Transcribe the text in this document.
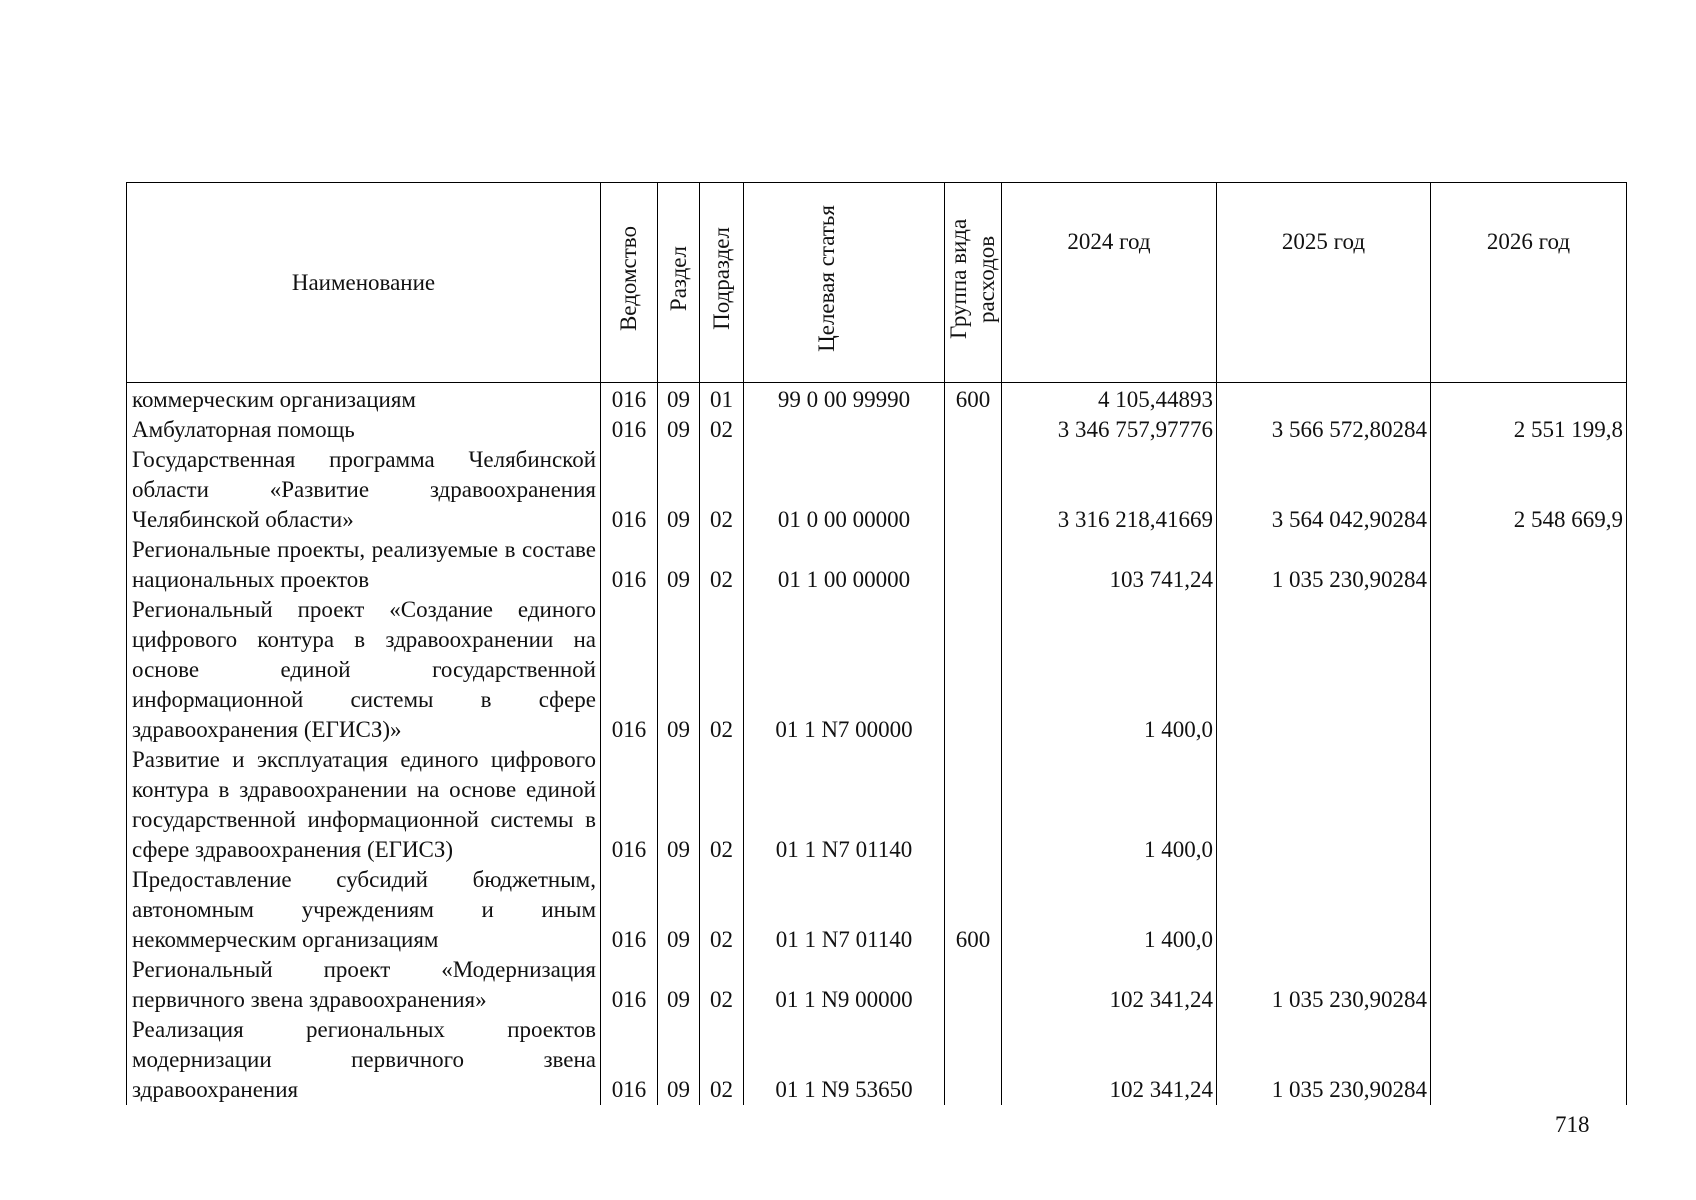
Наименование	Ведомство	Раздел	Подраздел	Целевая статья	Группа вида расходов	2024 год	2025 год	2026 год
коммерческим организациям	016	09	01	99 0 00 99990	600	4 105,44893		
Амбулаторная помощь	016	09	02			3 346 757,97776	3 566 572,80284	2 551 199,8
Государственная программа Челябинской области «Развитие здравоохранения Челябинской области»	016	09	02	01 0 00 00000		3 316 218,41669	3 564 042,90284	2 548 669,9
Региональные проекты, реализуемые в составе национальных проектов	016	09	02	01 1 00 00000		103 741,24	1 035 230,90284	
Региональный проект «Создание единого цифрового контура в здравоохранении на основе единой государственной информационной системы в сфере здравоохранения (ЕГИСЗ)»	016	09	02	01 1 N7 00000		1 400,0		
Развитие и эксплуатация единого цифрового контура в здравоохранении на основе единой государственной информационной системы в сфере здравоохранения (ЕГИСЗ)	016	09	02	01 1 N7 01140		1 400,0		
Предоставление субсидий бюджетным, автономным учреждениям и иным некоммерческим организациям	016	09	02	01 1 N7 01140	600	1 400,0		
Региональный проект «Модернизация первичного звена здравоохранения»	016	09	02	01 1 N9 00000		102 341,24	1 035 230,90284	
Реализация региональных проектов модернизации первичного звена здравоохранения	016	09	02	01 1 N9 53650		102 341,24	1 035 230,90284	
718
